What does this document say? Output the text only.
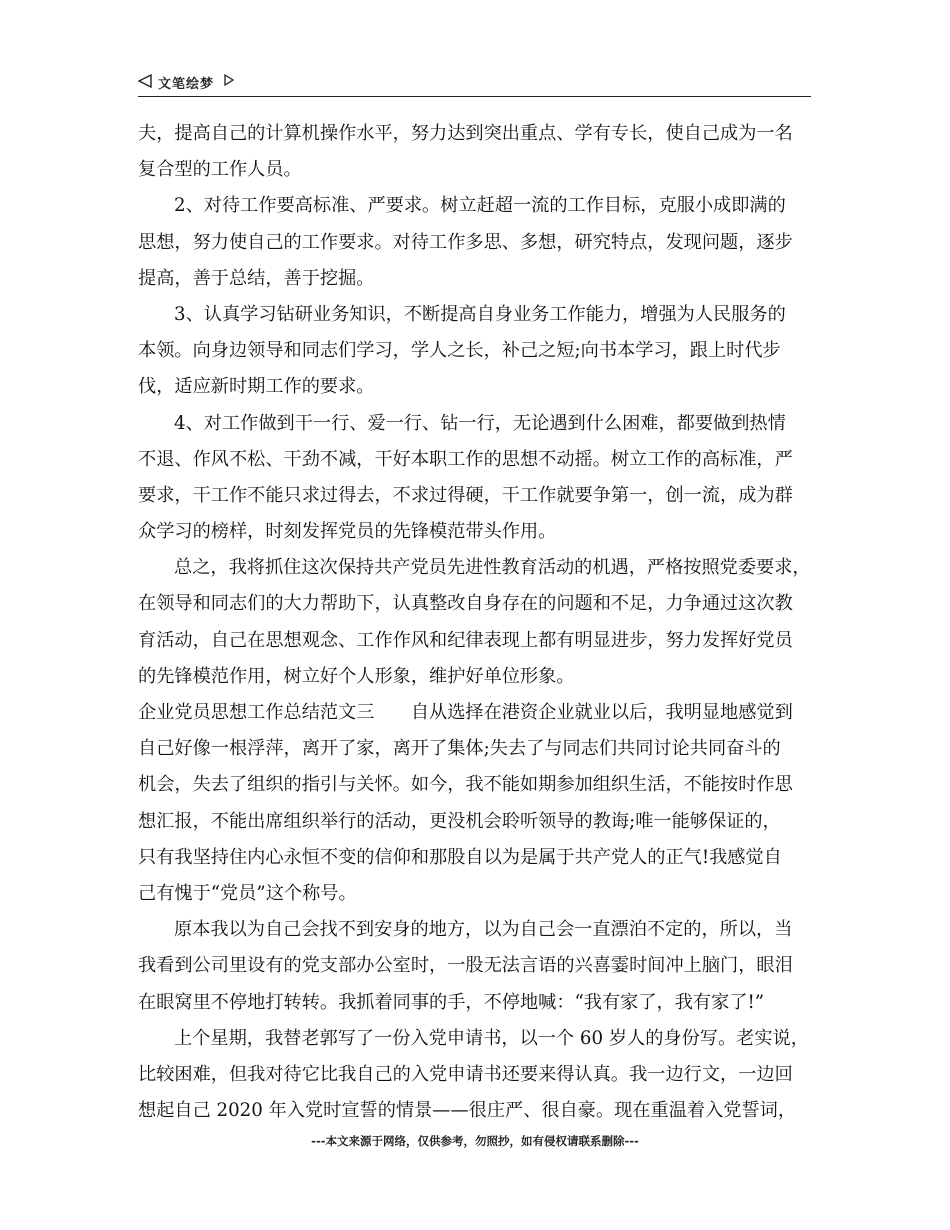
文笔绘梦
夫，提高自己的计算机操作水平，努力达到突出重点、学有专长，使自己成为一名
复合型的工作人员。
2、对待工作要高标准、严要求。树立赶超一流的工作目标，克服小成即满的
思想，努力使自己的工作要求。对待工作多思、多想，研究特点，发现问题，逐步
提高，善于总结，善于挖掘。
3、认真学习钻研业务知识，不断提高自身业务工作能力，增强为人民服务的
本领。向身边领导和同志们学习，学人之长，补己之短;向书本学习，跟上时代步
伐，适应新时期工作的要求。
4、对工作做到干一行、爱一行、钻一行，无论遇到什么困难，都要做到热情
不退、作风不松、干劲不减，干好本职工作的思想不动摇。树立工作的高标准，严
要求，干工作不能只求过得去，不求过得硬，干工作就要争第一，创一流，成为群
众学习的榜样，时刻发挥党员的先锋模范带头作用。
总之，我将抓住这次保持共产党员先进性教育活动的机遇，严格按照党委要求，
在领导和同志们的大力帮助下，认真整改自身存在的问题和不足，力争通过这次教
育活动，自己在思想观念、工作作风和纪律表现上都有明显进步，努力发挥好党员
的先锋模范作用，树立好个人形象，维护好单位形象。
企业党员思想工作总结范文三　　自从选择在港资企业就业以后，我明显地感觉到
自己好像一根浮萍，离开了家，离开了集体;失去了与同志们共同讨论共同奋斗的
机会，失去了组织的指引与关怀。如今，我不能如期参加组织生活，不能按时作思
想汇报，不能出席组织举行的活动，更没机会聆听领导的教诲;唯一能够保证的，
只有我坚持住内心永恒不变的信仰和那股自以为是属于共产党人的正气!我感觉自
己有愧于“党员”这个称号。
原本我以为自己会找不到安身的地方，以为自己会一直漂泊不定的，所以，当
我看到公司里设有的党支部办公室时，一股无法言语的兴喜霎时间冲上脑门，眼泪
在眼窝里不停地打转转。我抓着同事的手，不停地喊：“我有家了，我有家了!”
上个星期，我替老郭写了一份入党申请书，以一个 60 岁人的身份写。老实说，
比较困难，但我对待它比我自己的入党申请书还要来得认真。我一边行文，一边回
想起自己 2020 年入党时宣誓的情景——很庄严、很自豪。现在重温着入党誓词，
---本文来源于网络，仅供参考，勿照抄，如有侵权请联系删除---
